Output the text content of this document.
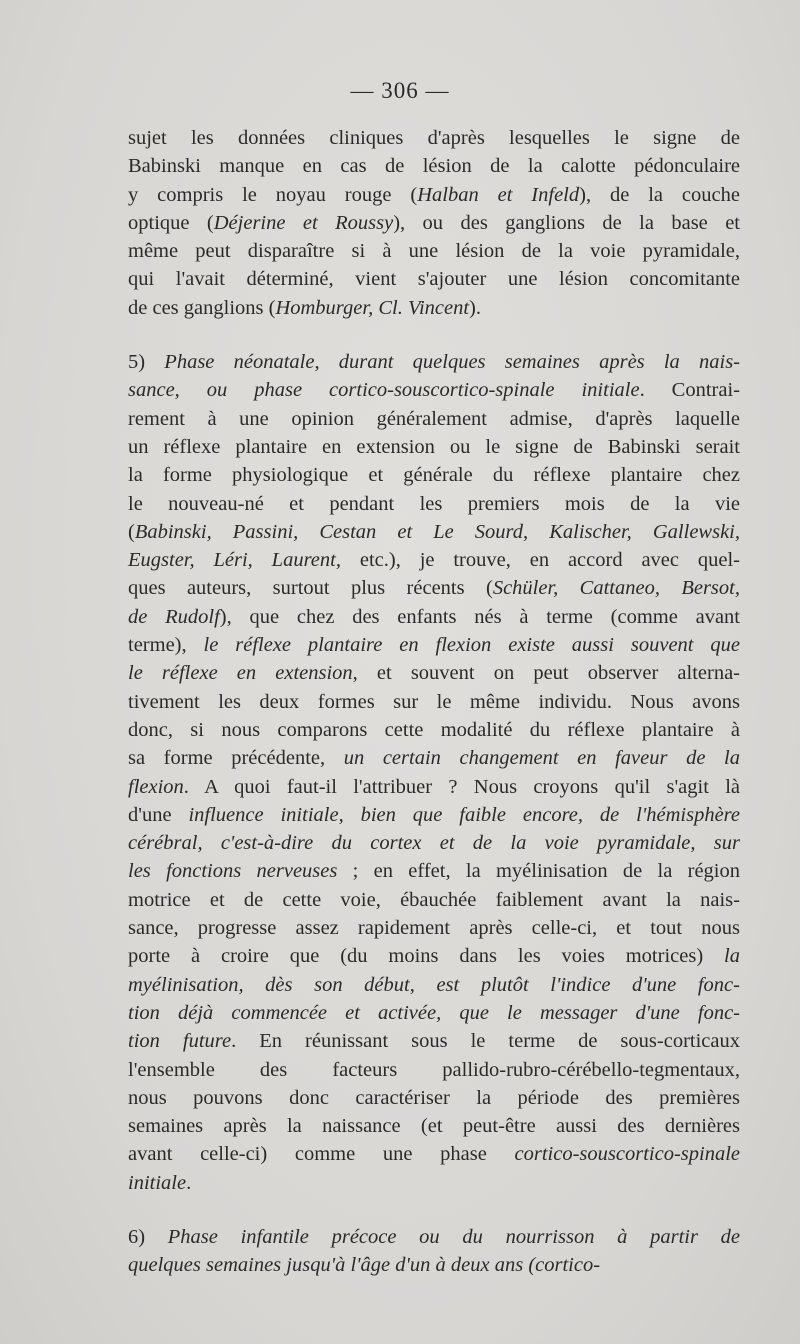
— 306 —
sujet les données cliniques d'après lesquelles le signe de
Babinski manque en cas de lésion de la calotte pédonculaire
y compris le noyau rouge (Halban et Infeld), de la couche
optique (Déjerine et Roussy), ou des ganglions de la base et
même peut disparaître si à une lésion de la voie pyramidale,
qui l'avait déterminé, vient s'ajouter une lésion concomitante
de ces ganglions (Homburger, Cl. Vincent).
5) Phase néonatale, durant quelques semaines après la nais-
sance, ou phase cortico-souscortico-spinale initiale. Contrai-
rement à une opinion généralement admise, d'après laquelle
un réflexe plantaire en extension ou le signe de Babinski serait
la forme physiologique et générale du réflexe plantaire chez
le nouveau-né et pendant les premiers mois de la vie
(Babinski, Passini, Cestan et Le Sourd, Kalischer, Gallewski,
Eugster, Léri, Laurent, etc.), je trouve, en accord avec quel-
ques auteurs, surtout plus récents (Schüler, Cattaneo, Bersot,
de Rudolf), que chez des enfants nés à terme (comme avant
terme), le réflexe plantaire en flexion existe aussi souvent que
le réflexe en extension, et souvent on peut observer alterna-
tivement les deux formes sur le même individu. Nous avons
donc, si nous comparons cette modalité du réflexe plantaire à
sa forme précédente, un certain changement en faveur de la
flexion. A quoi faut-il l'attribuer ? Nous croyons qu'il s'agit là
d'une influence initiale, bien que faible encore, de l'hémisphère
cérébral, c'est-à-dire du cortex et de la voie pyramidale, sur
les fonctions nerveuses ; en effet, la myélinisation de la région
motrice et de cette voie, ébauchée faiblement avant la nais-
sance, progresse assez rapidement après celle-ci, et tout nous
porte à croire que (du moins dans les voies motrices) la
myélinisation, dès son début, est plutôt l'indice d'une fonc-
tion déjà commencée et activée, que le messager d'une fonc-
tion future. En réunissant sous le terme de sous-corticaux
l'ensemble des facteurs pallido-rubro-cérébello-tegmentaux,
nous pouvons donc caractériser la période des premières
semaines après la naissance (et peut-être aussi des dernières
avant celle-ci) comme une phase cortico-souscortico-spinale
initiale.
6) Phase infantile précoce ou du nourrisson à partir de
quelques semaines jusqu'à l'âge d'un à deux ans (cortico-
